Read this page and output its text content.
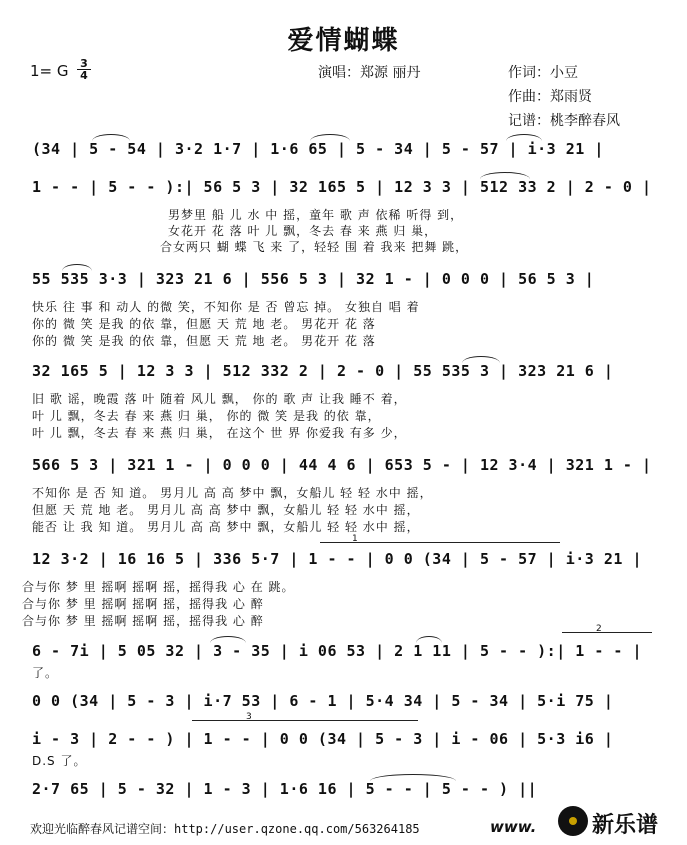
爱情蝴蝶
1= G 3
4	演唱：郑源 丽丹	作词：小豆
作曲：郑雨贤
记谱：桃李醉春风
(34 | 5 - 54 | 3·2 1·7 | 1·6 65 | 5 - 34 | 5 - 57 | i·3 21 |
1 - - | 5 - - ):| 56 5 3 | 32 165 5 | 12 3 3 | 512 33 2 | 2 - 0 |
男梦里 船 儿 水 中 摇，童年 歌 声 依稀 听得 到，
女花开 花 落 叶 儿 飘，冬去 春 来 燕 归 巢，
合女两只 蝴 蝶 飞 来 了，轻轻 围 着 我来 把舞 跳，
55 535 3·3 | 323 21 6 | 556 5 3 | 32 1 - | 0 0 0 | 56 5 3 |
快乐 往 事 和 动人 的微 笑，不知你 是 否 曾忘 掉。 女独自 唱 着
你的 微 笑 是我 的依 靠，但愿 天 荒 地 老。 男花开 花 落
你的 微 笑 是我 的依 靠，但愿 天 荒 地 老。 男花开 花 落
32 165 5 | 12 3 3 | 512 332 2 | 2 - 0 | 55 535 3 | 323 21 6 |
旧 歌 谣，晚霞 落 叶 随着 风儿 飘， 你的 歌 声 让我 睡不 着，
叶 儿 飘，冬去 春 来 燕 归 巢， 你的 微 笑 是我 的依 靠，
叶 儿 飘，冬去 春 来 燕 归 巢， 在这个 世 界 你爱我 有多 少，
566 5 3 | 321 1 - | 0 0 0 | 44 4 6 | 653 5 - | 12 3·4 | 321 1 - |
不知你 是 否 知 道。 男月儿 高 高 梦中 飘，女船儿 轻 轻 水中 摇，
但愿 天 荒 地 老。 男月儿 高 高 梦中 飘，女船儿 轻 轻 水中 摇，
能否 让 我 知 道。 男月儿 高 高 梦中 飘，女船儿 轻 轻 水中 摇，
1
12 3·2 | 16 16 5 | 336 5·7 | 1 - - | 0 0 (34 | 5 - 57 | i·3 21 |
合与你 梦 里 摇啊 摇啊 摇，摇得我 心 在 跳。
合与你 梦 里 摇啊 摇啊 摇，摇得我 心 醉
合与你 梦 里 摇啊 摇啊 摇，摇得我 心 醉
2
6 - 7i | 5 05 32 | 3 - 35 | i 06 53 | 2 1 11 | 5 - - ):| 1 - - |
了。
0 0 (34 | 5 - 3 | i·7 53 | 6 - 1 | 5·4 34 | 5 - 34 | 5·i 75 |
3
i - 3 | 2 - - ) | 1 - - | 0 0 (34 | 5 - 3 | i - 06 | 5·3 i6 |
D.S 了。
2·7 65 | 5 - 32 | 1 - 3 | 1·6 16 | 5 - - | 5 - - ) ||
欢迎光临醉春风记谱空间：http://user.qzone.qq.com/563264185	www.	新乐谱
